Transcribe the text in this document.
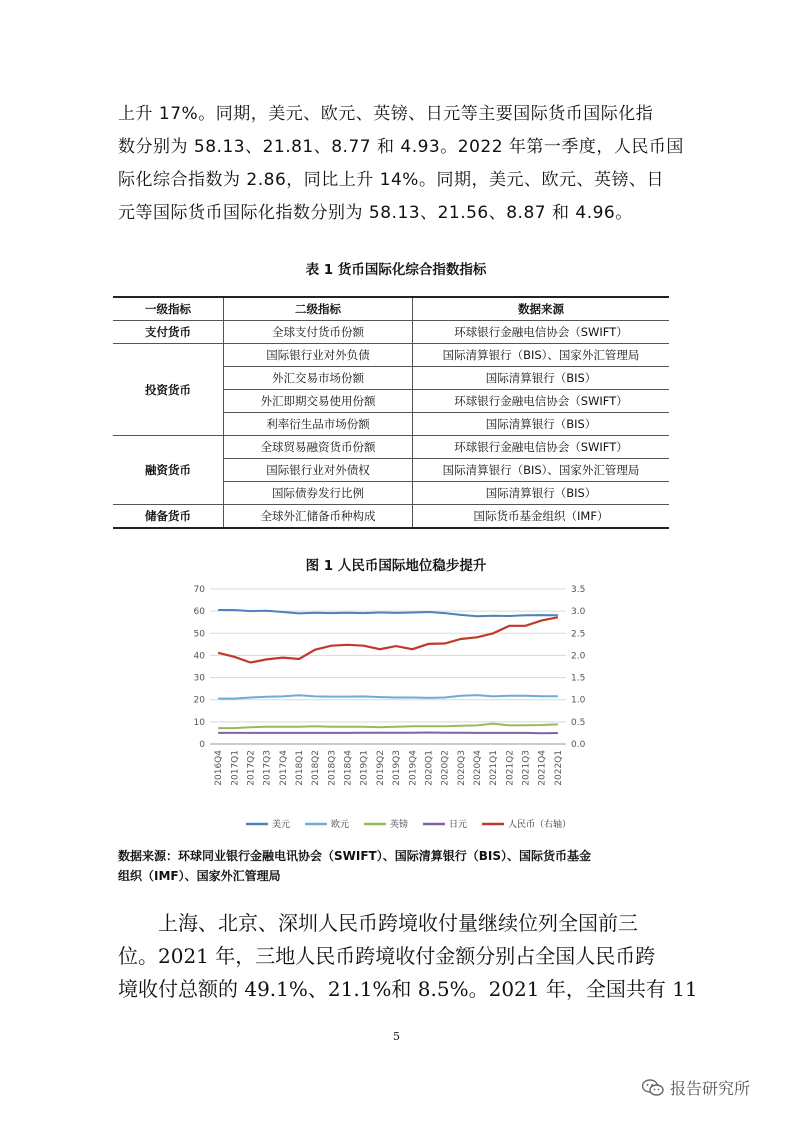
上升 17%。同期，美元、欧元、英镑、日元等主要国际货币国际化指

数分别为 58.13、21.81、8.77 和 4.93。2022 年第一季度，人民币国

际化综合指数为 2.86，同比上升 14%。同期，美元、欧元、英镑、日

元等国际货币国际化指数分别为 58.13、21.56、8.87 和 4.96。

表 1 货币国际化综合指数指标
一级指标	二级指标	数据来源
支付货币	全球支付货币份额	环球银行金融电信协会（SWIFT）
投资货币	国际银行业对外负债	国际清算银行（BIS）、国家外汇管理局
	外汇交易市场份额	国际清算银行（BIS）
	外汇即期交易使用份额	环球银行金融电信协会（SWIFT）
	利率衍生品市场份额	国际清算银行（BIS）
融资货币	全球贸易融资货币份额	环球银行金融电信协会（SWIFT）
	国际银行业对外债权	国际清算银行（BIS）、国家外汇管理局
	国际债券发行比例	国际清算银行（BIS）
储备货币	全球外汇储备币种构成	国际货币基金组织（IMF）
图 1 人民币国际地位稳步提升
0
10
20
30
40
50
60
70
0.0
0.5
1.0
1.5
2.0
2.5
3.0
3.5
2016Q4 2017Q1 2017Q2 2017Q3 2017Q4 2018Q1 2018Q2 2018Q3 2018Q4 2019Q1 2019Q2 2019Q3 2019Q4 2020Q1 2020Q2 2020Q3 2020Q4 2021Q1 2021Q2 2021Q3 2021Q4 2022Q1
美元	欧元	英镑	日元	人民币（右轴）
数据来源：环球同业银行金融电讯协会（SWIFT）、国际清算银行（BIS）、国际货币基金
组织（IMF）、国家外汇管理局

上海、北京、深圳人民币跨境收付量继续位列全国前三

位。2021 年，三地人民币跨境收付金额分别占全国人民币跨

境收付总额的 49.1%、21.1%和 8.5%。2021 年，全国共有 11

5
报告研究所
